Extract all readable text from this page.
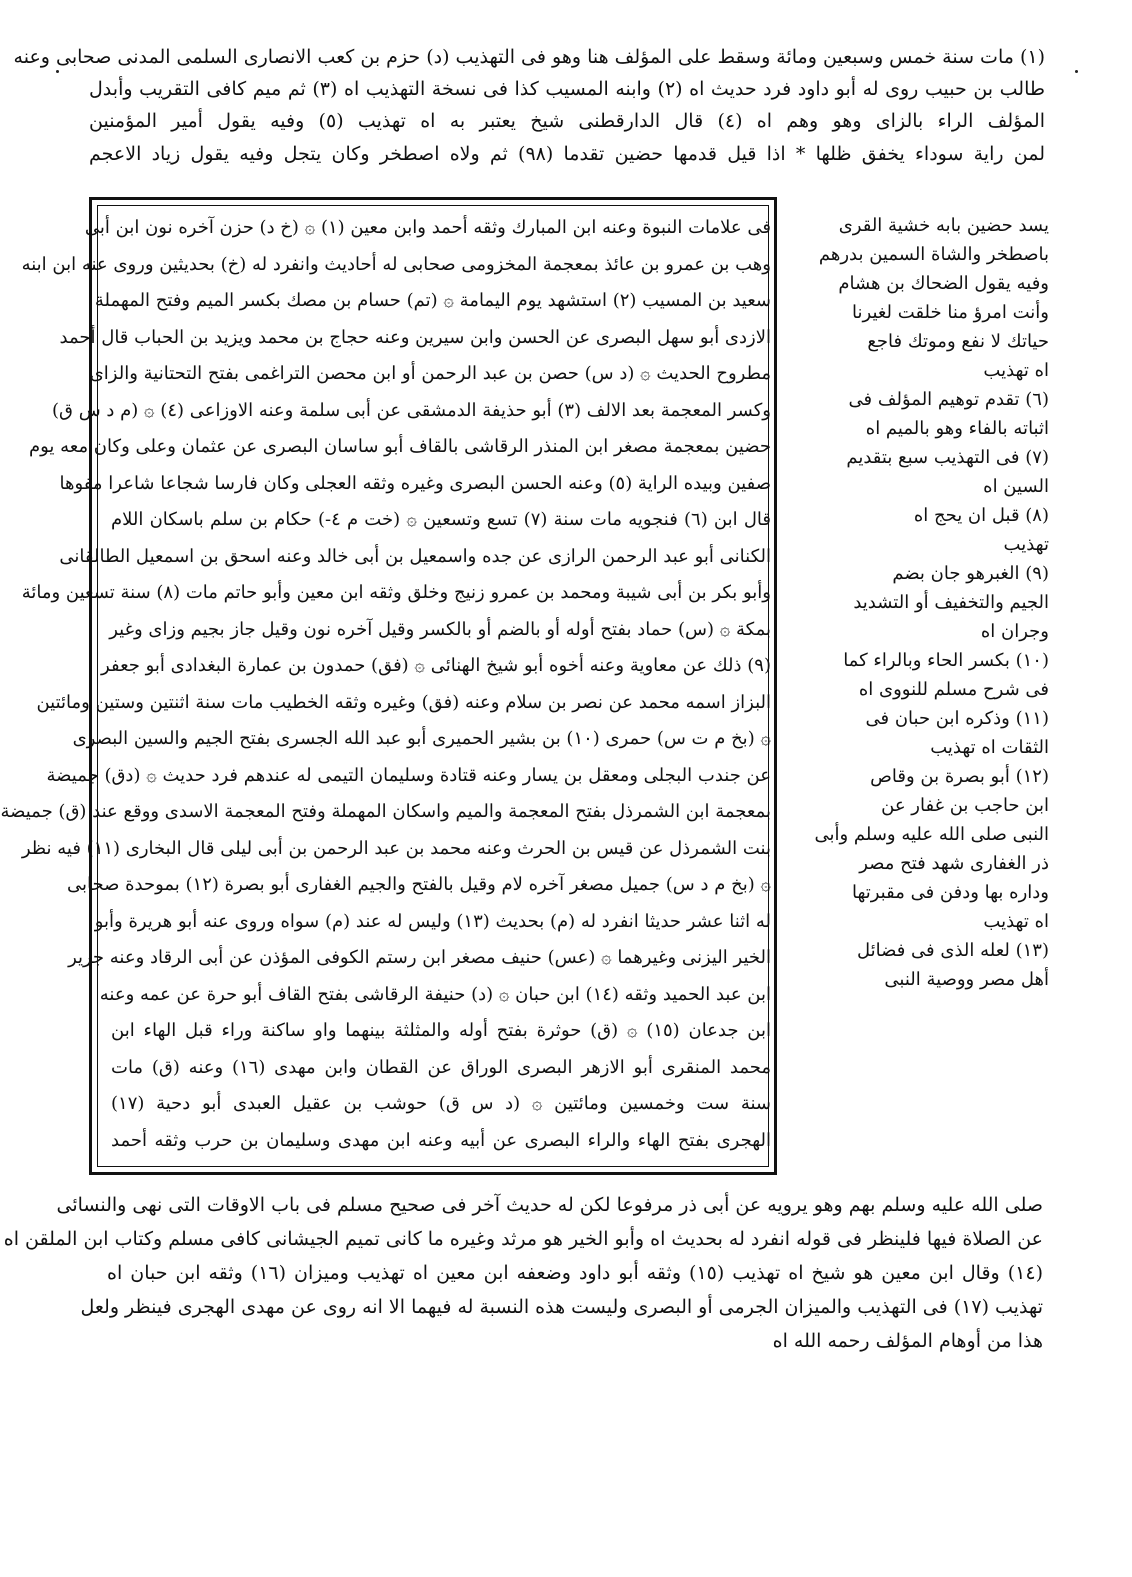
(١) مات سنة خمس وسبعين ومائة وسقط على المؤلف هنا وهو فى التهذيب (د) حزم بن كعب الانصارى السلمى المدنى صحابى وعنه
طالب بن حبيب روى له أبو داود فرد حديث اه (٢) وابنه المسيب كذا فى نسخة التهذيب اه (٣) ثم ميم كافى التقريب وأبدل
المؤلف الراء بالزاى وهو وهم اه (٤) قال الدارقطنى شيخ يعتبر به اه تهذيب (٥) وفيه يقول أمير المؤمنين
لمن راية سوداء يخفق ظلها * اذا قيل قدمها حضين تقدما (٩٨) ثم ولاه اصطخر وكان يتجل وفيه يقول زياد الاعجم
فى علامات النبوة وعنه ابن المبارك وثقه أحمد وابن معين (١) ۞ (خ د) حزن آخره نون ابن أبى
وهب بن عمرو بن عائذ بمعجمة المخزومى صحابى له أحاديث وانفرد له (خ) بحديثين وروى عنه ابن ابنه
سعيد بن المسيب (٢) استشهد يوم اليمامة ۞ (تم) حسام بن مصك بكسر الميم وفتح المهملة
الازدى أبو سهل البصرى عن الحسن وابن سيرين وعنه حجاج بن محمد ويزيد بن الحباب قال أحمد
مطروح الحديث ۞ (د س) حصن بن عبد الرحمن أو ابن محصن التراغمى بفتح التحتانية والزاى
وكسر المعجمة بعد الالف (٣) أبو حذيفة الدمشقى عن أبى سلمة وعنه الاوزاعى (٤) ۞ (م د س ق)
حضين بمعجمة مصغر ابن المنذر الرقاشى بالقاف أبو ساسان البصرى عن عثمان وعلى وكان معه يوم
صفين وبيده الراية (٥) وعنه الحسن البصرى وغيره وثقه العجلى وكان فارسا شجاعا شاعرا مفوها
قال ابن (٦) فنجويه مات سنة (٧) تسع وتسعين ۞ (خت م ٤-) حكام بن سلم باسكان اللام
الكنانى أبو عبد الرحمن الرازى عن جده واسمعيل بن أبى خالد وعنه اسحق بن اسمعيل الطالقانى
وأبو بكر بن أبى شيبة ومحمد بن عمرو زنيج وخلق وثقه ابن معين وأبو حاتم مات (٨) سنة تسعين ومائة
بمكة ۞ (س) حماد بفتح أوله أو بالضم أو بالكسر وقيل آخره نون وقيل جاز بجيم وزاى وغير
(٩) ذلك عن معاوية وعنه أخوه أبو شيخ الهنائى ۞ (فق) حمدون بن عمارة البغدادى أبو جعفر
البزاز اسمه محمد عن نصر بن سلام وعنه (فق) وغيره وثقه الخطيب مات سنة اثنتين وستين ومائتين
۞ (بخ م ت س) حمرى (١٠) بن بشير الحميرى أبو عبد الله الجسرى بفتح الجيم والسين البصرى
عن جندب البجلى ومعقل بن يسار وعنه قتادة وسليمان التيمى له عندهم فرد حديث ۞ (دق) جميضة
بمعجمة ابن الشمرذل بفتح المعجمة والميم واسكان المهملة وفتح المعجمة الاسدى ووقع عند (ق) جميضة
بنت الشمرذل عن قيس بن الحرث وعنه محمد بن عبد الرحمن بن أبى ليلى قال البخارى (١١) فيه نظر
۞ (بخ م د س) جميل مصغر آخره لام وقيل بالفتح والجيم الغفارى أبو بصرة (١٢) بموحدة صحابى
له اثنا عشر حديثا انفرد له (م) بحديث (١٣) وليس له عند (م) سواه وروى عنه أبو هريرة وأبو
الخير اليزنى وغيرهما ۞ (عس) حنيف مصغر ابن رستم الكوفى المؤذن عن أبى الرقاد وعنه جرير
ابن عبد الحميد وثقه (١٤) ابن حبان ۞ (د) حنيفة الرقاشى بفتح القاف أبو حرة عن عمه وعنه
ابن جدعان (١٥) ۞ (ق) حوثرة بفتح أوله والمثلثة بينهما واو ساكنة وراء قبل الهاء ابن
محمد المنقرى أبو الازهر البصرى الوراق عن القطان وابن مهدى (١٦) وعنه (ق) مات
سنة ست وخمسين ومائتين ۞ (د س ق) حوشب بن عقيل العبدى أبو دحية (١٧)
الهجرى بفتح الهاء والراء البصرى عن أبيه وعنه ابن مهدى وسليمان بن حرب وثقه أحمد
يسد حضين بابه خشية القرى
باصطخر والشاة السمين بدرهم
وفيه يقول الضحاك بن هشام
وأنت امرؤ منا خلقت لغيرنا
حياتك لا نفع وموتك فاجع
اه تهذيب
(٦) تقدم توهيم المؤلف فى
اثباته بالفاء وهو بالميم اه
(٧) فى التهذيب سبع بتقديم
السين اه
(٨) قبل ان يحج اه
تهذيب
(٩) الغبرهو جان بضم
الجيم والتخفيف أو التشديد
وجران اه
(١٠) بكسر الحاء وبالراء كما
فى شرح مسلم للنووى اه
(١١) وذكره ابن حبان فى
الثقات اه تهذيب
(١٢) أبو بصرة بن وقاص
ابن حاجب بن غفار عن
النبى صلى الله عليه وسلم وأبى
ذر الغفارى شهد فتح مصر
وداره بها ودفن فى مقبرتها
اه تهذيب
(١٣) لعله الذى فى فضائل
أهل مصر ووصية النبى
صلى الله عليه وسلم بهم وهو يرويه عن أبى ذر مرفوعا لكن له حديث آخر فى صحيح مسلم فى باب الاوقات التى نهى والنسائى
عن الصلاة فيها فلينظر فى قوله انفرد له بحديث اه وأبو الخير هو مرثد وغيره ما كانى تميم الجيشانى كافى مسلم وكتاب ابن الملقن اه
(١٤) وقال ابن معين هو شيخ اه تهذيب (١٥) وثقه أبو داود وضعفه ابن معين اه تهذيب وميزان (١٦) وثقه ابن حبان اه
تهذيب (١٧) فى التهذيب والميزان الجرمى أو البصرى وليست هذه النسبة له فيهما الا انه روى عن مهدى الهجرى فينظر ولعل
هذا من أوهام المؤلف رحمه الله اه
